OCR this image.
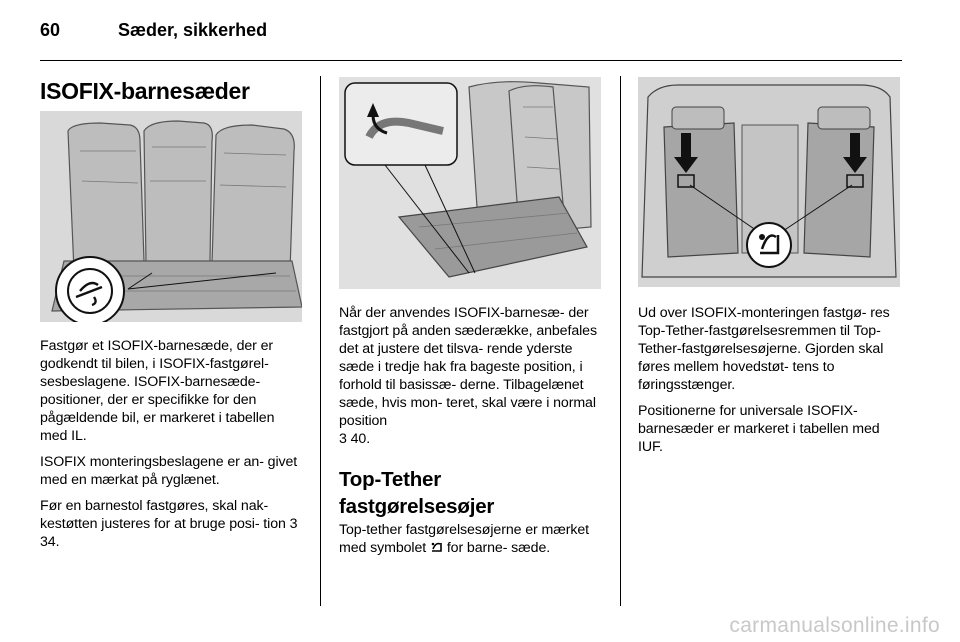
60	Sæder, sikkerhed
ISOFIX-barnesæder

Fastgør et ISOFIX-barnesæde, der er godkendt til bilen, i ISOFIX-fastgørel- sesbeslagene. ISOFIX-barnesæde- positioner, der er specifikke for den pågældende bil, er markeret i tabellen med IL.

ISOFIX monteringsbeslagene er an- givet med en mærkat på ryglænet.

Før en barnestol fastgøres, skal nak- kestøtten justeres for at bruge posi- tion 3 34.

Når der anvendes ISOFIX-barnesæ- der fastgjort på anden sæderække, anbefales det at justere det tilsva- rende yderste sæde i tredje hak fra bageste position, i forhold til basissæ- derne. Tilbagelænet sæde, hvis mon- teret, skal være i normal position
3 40.

Top-Tether
fastgørelsesøjer

Top-tether fastgørelsesøjerne er mærket med symbolet for barne- sæde.

Ud over ISOFIX-monteringen fastgø- res Top-Tether-fastgørelsesremmen til Top-Tether-fastgørelsesøjerne. Gjorden skal føres mellem hovedstøt- tens to føringsstænger.

Positionerne for universale ISOFIX- barnesæder er markeret i tabellen med IUF.

carmanualsonline.info
